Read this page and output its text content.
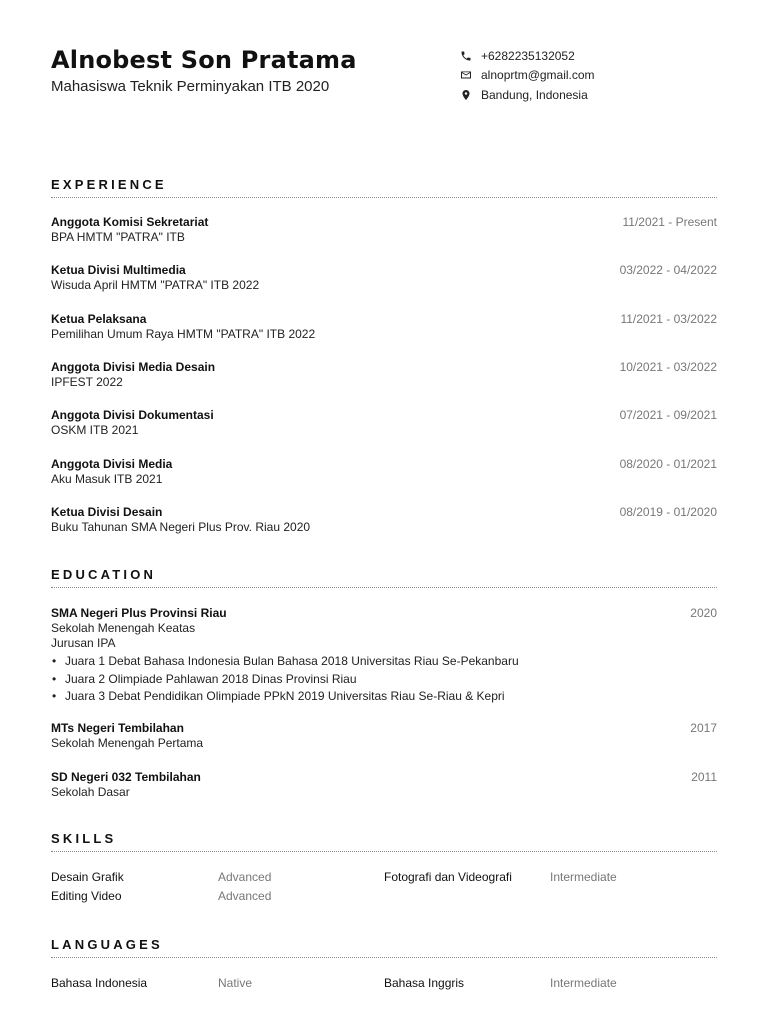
Alnobest Son Pratama
Mahasiswa Teknik Perminyakan ITB 2020
+6282235132052
alnoprtm@gmail.com
Bandung, Indonesia
EXPERIENCE
Anggota Komisi Sekretariat
BPA HMTM "PATRA" ITB
11/2021 - Present
Ketua Divisi Multimedia
Wisuda April HMTM "PATRA" ITB 2022
03/2022 - 04/2022
Ketua Pelaksana
Pemilihan Umum Raya HMTM "PATRA" ITB 2022
11/2021 - 03/2022
Anggota Divisi Media Desain
IPFEST 2022
10/2021 - 03/2022
Anggota Divisi Dokumentasi
OSKM ITB 2021
07/2021 - 09/2021
Anggota Divisi Media
Aku Masuk ITB 2021
08/2020 - 01/2021
Ketua Divisi Desain
Buku Tahunan SMA Negeri Plus Prov. Riau 2020
08/2019 - 01/2020
EDUCATION
SMA Negeri Plus Provinsi Riau
Sekolah Menengah Keatas
Jurusan IPA
2020
• Juara 1 Debat Bahasa Indonesia Bulan Bahasa 2018 Universitas Riau Se-Pekanbaru
• Juara 2 Olimpiade Pahlawan 2018 Dinas Provinsi Riau
• Juara 3 Debat Pendidikan Olimpiade PPkN 2019 Universitas Riau Se-Riau & Kepri
MTs Negeri Tembilahan
Sekolah Menengah Pertama
2017
SD Negeri 032 Tembilahan
Sekolah Dasar
2011
SKILLS
Desain Grafik	Advanced	Fotografi dan Videografi	Intermediate
Editing Video	Advanced
LANGUAGES
Bahasa Indonesia	Native	Bahasa Inggris	Intermediate
